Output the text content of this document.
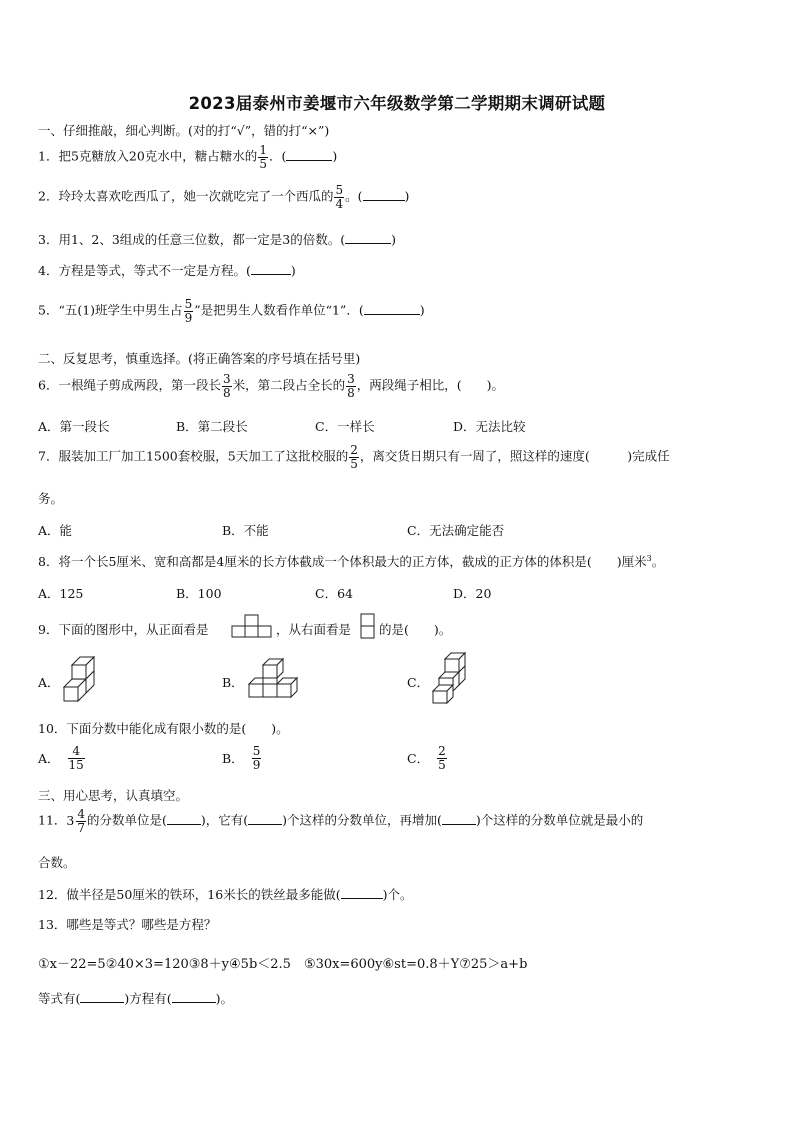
2023届泰州市姜堰市六年级数学第二学期期末调研试题
一、仔细推敲，细心判断。(对的打“√”，错的打“×”)
1．把5克糖放入20克水中，糖占糖水的 $\frac{1}{5}$ ．(	)
2．玲玲太喜欢吃西瓜了，她一次就吃完了一个西瓜的 $\frac{5}{4}$ 。(	)
3．用1、2、3组成的任意三位数，都一定是3的倍数。(	)
4．方程是等式，等式不一定是方程。(	)
5．“五(1)班学生中男生占 $\frac{5}{9}$ ”是把男生人数看作单位“1”．(	)
二、反复思考，慎重选择。(将正确答案的序号填在括号里)
6．一根绳子剪成两段，第一段长 $\frac{3}{8}$ 米，第二段占全长的 $\frac{3}{8}$ ，两段绳子相比，(　　)。
A．第一段长	B．第二段长	C．一样长	D．无法比较
7．服装加工厂加工1500套校服，5天加工了这批校服的 $\frac{2}{5}$ ，离交货日期只有一周了，照这样的速度(　　　)完成任
务。
A．能	B．不能	C．无法确定能否
8．将一个长5厘米、宽和高都是4厘米的长方体截成一个体积最大的正方体，截成的正方体的体积是(　　)厘米$^3$。
A．125	B．100	C．64	D．20
9．下面的图形中，从正面看是	，从右面看是 的是(　　)。
A．	B．	C．
10．下面分数中能化成有限小数的是(　　)。
A． $\frac{4}{15}$	B． $\frac{5}{9}$	C． $\frac{2}{5}$
三、用心思考，认真填空。
11．$3 \frac{4}{7}$ 的分数单位是(	)，它有(	)个这样的分数单位，再增加(	)个这样的分数单位就是最小的
合数。
12．做半径是50厘米的铁环，16米长的铁丝最多能做(	)个。
13．哪些是等式？哪些是方程？
①x－22=5②40×3=120③8＋y④5b＜2.5　⑤30x=600y⑥st=0.8＋Y⑦25＞a+b
等式有(	)方程有(	)。
